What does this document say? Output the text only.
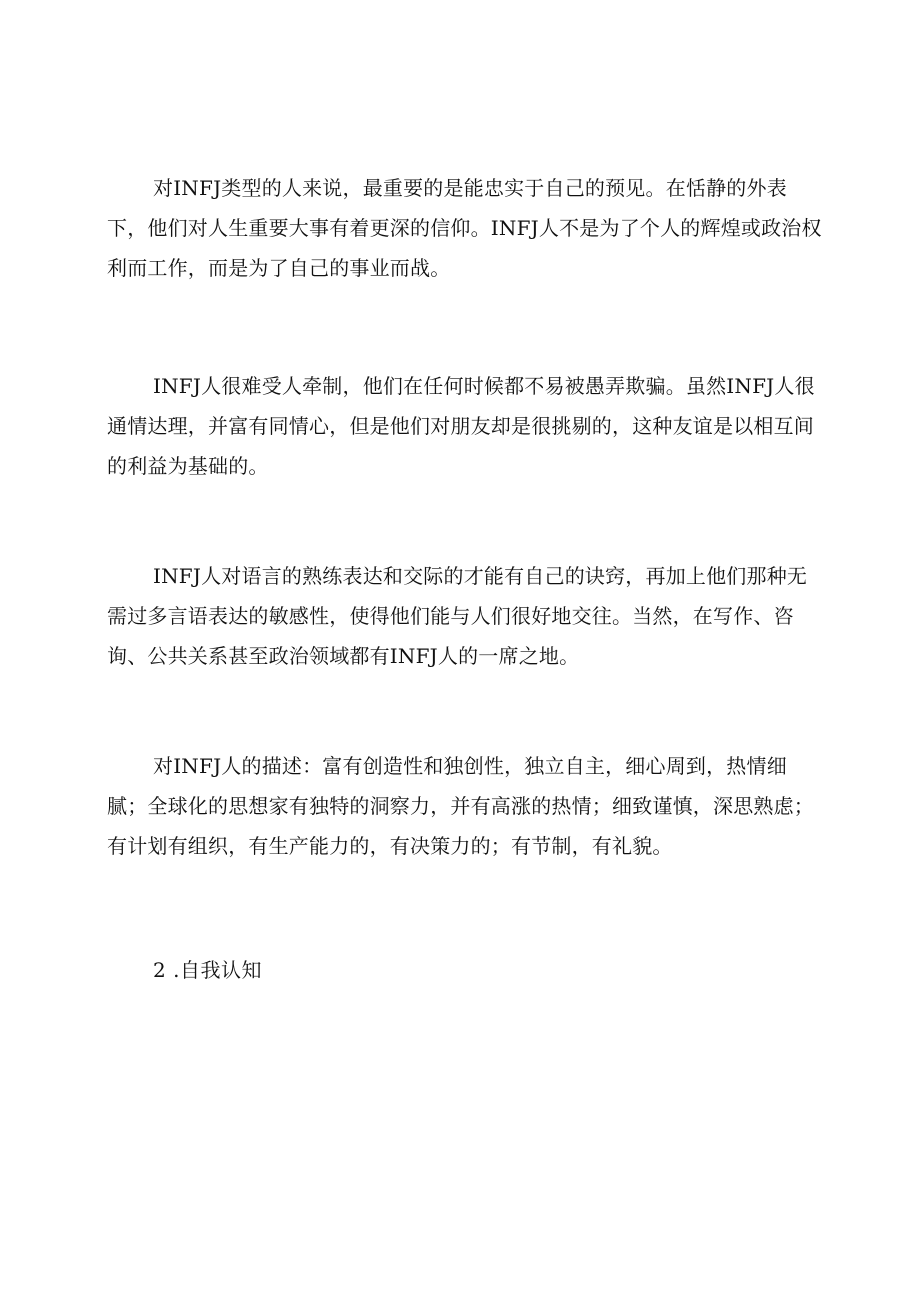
对INFJ类型的人来说，最重要的是能忠实于自己的预见。在恬静的外表下，他们对人生重要大事有着更深的信仰。INFJ人不是为了个人的辉煌或政治权利而工作，而是为了自己的事业而战。

INFJ人很难受人牵制，他们在任何时候都不易被愚弄欺骗。虽然INFJ人很通情达理，并富有同情心，但是他们对朋友却是很挑剔的，这种友谊是以相互间的利益为基础的。

INFJ人对语言的熟练表达和交际的才能有自己的诀窍，再加上他们那种无需过多言语表达的敏感性，使得他们能与人们很好地交往。当然，在写作、咨询、公共关系甚至政治领域都有INFJ人的一席之地。

对INFJ人的描述：富有创造性和独创性，独立自主，细心周到，热情细腻；全球化的思想家有独特的洞察力，并有高涨的热情；细致谨慎，深思熟虑；有计划有组织，有生产能力的，有决策力的；有节制，有礼貌。

2 .自我认知
